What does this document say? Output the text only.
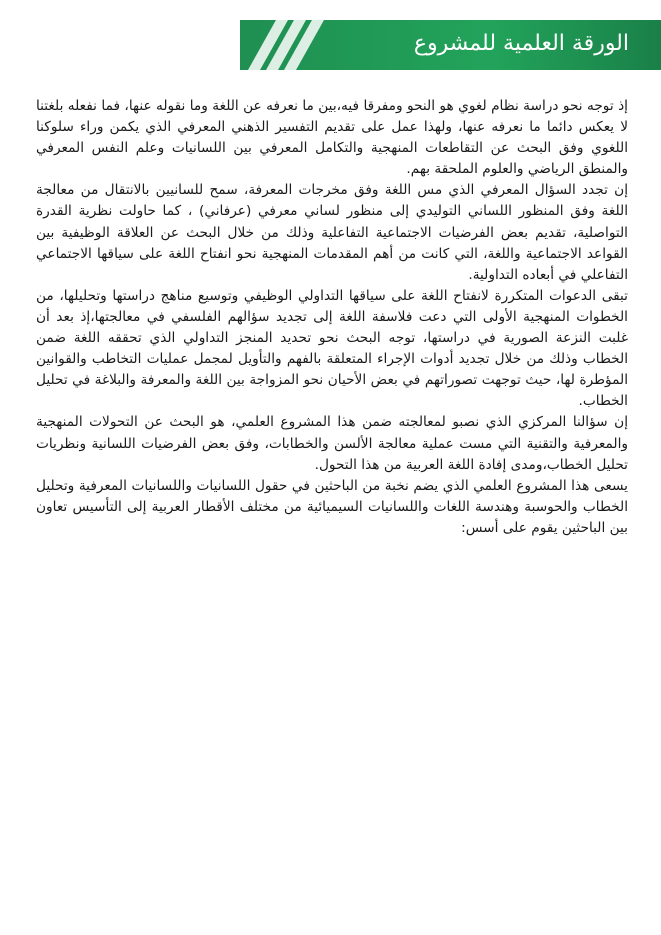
الورقة العلمية للمشروع

إذ توجه نحو دراسة نظام لغوي هو النحو ومفرقا فيه،بين ما نعرفه عن اللغة وما نقوله عنها، فما نفعله بلغتنا لا يعكس دائما ما نعرفه عنها، ولهذا عمل على تقديم التفسير الذهني المعرفي الذي يكمن وراء سلوكنا اللغوي وفق البحث عن التقاطعات المنهجية والتكامل المعرفي بين اللسانيات وعلم النفس المعرفي والمنطق الرياضي والعلوم الملحقة بهم.

إن تجدد السؤال المعرفي الذي مس اللغة وفق مخرجات المعرفة، سمح للسانيين بالانتقال من معالجة اللغة وفق المنظور اللساني التوليدي إلى منظور لساني معرفي (عرفاني) ، كما حاولت نظرية القدرة التواصلية، تقديم بعض الفرضيات الاجتماعية التفاعلية وذلك من خلال البحث عن العلاقة الوظيفية بين القواعد الاجتماعية واللغة، التي كانت من أهم المقدمات المنهجية نحو انفتاح اللغة على سياقها الاجتماعي التفاعلي في أبعاده التداولية.

تبقى الدعوات المتكررة لانفتاح اللغة على سياقها التداولي الوظيفي وتوسيع مناهج دراستها وتحليلها، من الخطوات المنهجية الأولى التي دعت فلاسفة اللغة إلى تجديد سؤالهم الفلسفي في معالجتها،إذ بعد أن غلبت النزعة الصورية في دراستها، توجه البحث نحو تحديد المنجز التداولي الذي تحققه اللغة ضمن الخطاب وذلك من خلال تجديد أدوات الإجراء المتعلقة بالفهم والتأويل لمجمل عمليات التخاطب والقوانين المؤطرة لها، حيث توجهت تصوراتهم في بعض الأحيان نحو المزواجة بين اللغة والمعرفة والبلاغة في تحليل الخطاب.

إن سؤالنا المركزي الذي نصبو لمعالجته ضمن هذا المشروع العلمي، هو البحث عن التحولات المنهجية والمعرفية والتقنية التي مست عملية معالجة الألسن والخطابات، وفق بعض الفرضيات اللسانية ونظريات تحليل الخطاب،ومدى إفادة اللغة العربية من هذا التحول.

يسعى هذا المشروع العلمي الذي يضم نخبة من الباحثين في حقول اللسانيات واللسانيات المعرفية وتحليل الخطاب والحوسبة وهندسة اللغات واللسانيات السيميائية من مختلف الأقطار العربية إلى التأسيس تعاون بين الباحثين يقوم على أسس:
